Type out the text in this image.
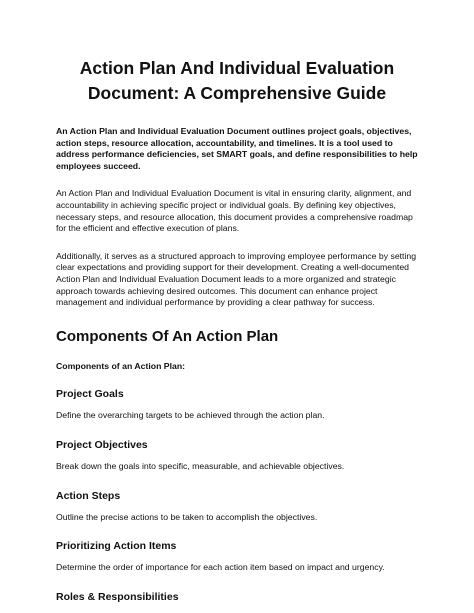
Action Plan And Individual Evaluation Document: A Comprehensive Guide

An Action Plan and Individual Evaluation Document outlines project goals, objectives, action steps, resource allocation, accountability, and timelines. It is a tool used to address performance deficiencies, set SMART goals, and define responsibilities to help employees succeed.

An Action Plan and Individual Evaluation Document is vital in ensuring clarity, alignment, and accountability in achieving specific project or individual goals. By defining key objectives, necessary steps, and resource allocation, this document provides a comprehensive roadmap for the efficient and effective execution of plans.

Additionally, it serves as a structured approach to improving employee performance by setting clear expectations and providing support for their development. Creating a well-documented Action Plan and Individual Evaluation Document leads to a more organized and strategic approach towards achieving desired outcomes. This document can enhance project management and individual performance by providing a clear pathway for success.

Components Of An Action Plan

Components of an Action Plan:

Project Goals

Define the overarching targets to be achieved through the action plan.

Project Objectives

Break down the goals into specific, measurable, and achievable objectives.

Action Steps

Outline the precise actions to be taken to accomplish the objectives.

Prioritizing Action Items

Determine the order of importance for each action item based on impact and urgency.

Roles & Responsibilities
